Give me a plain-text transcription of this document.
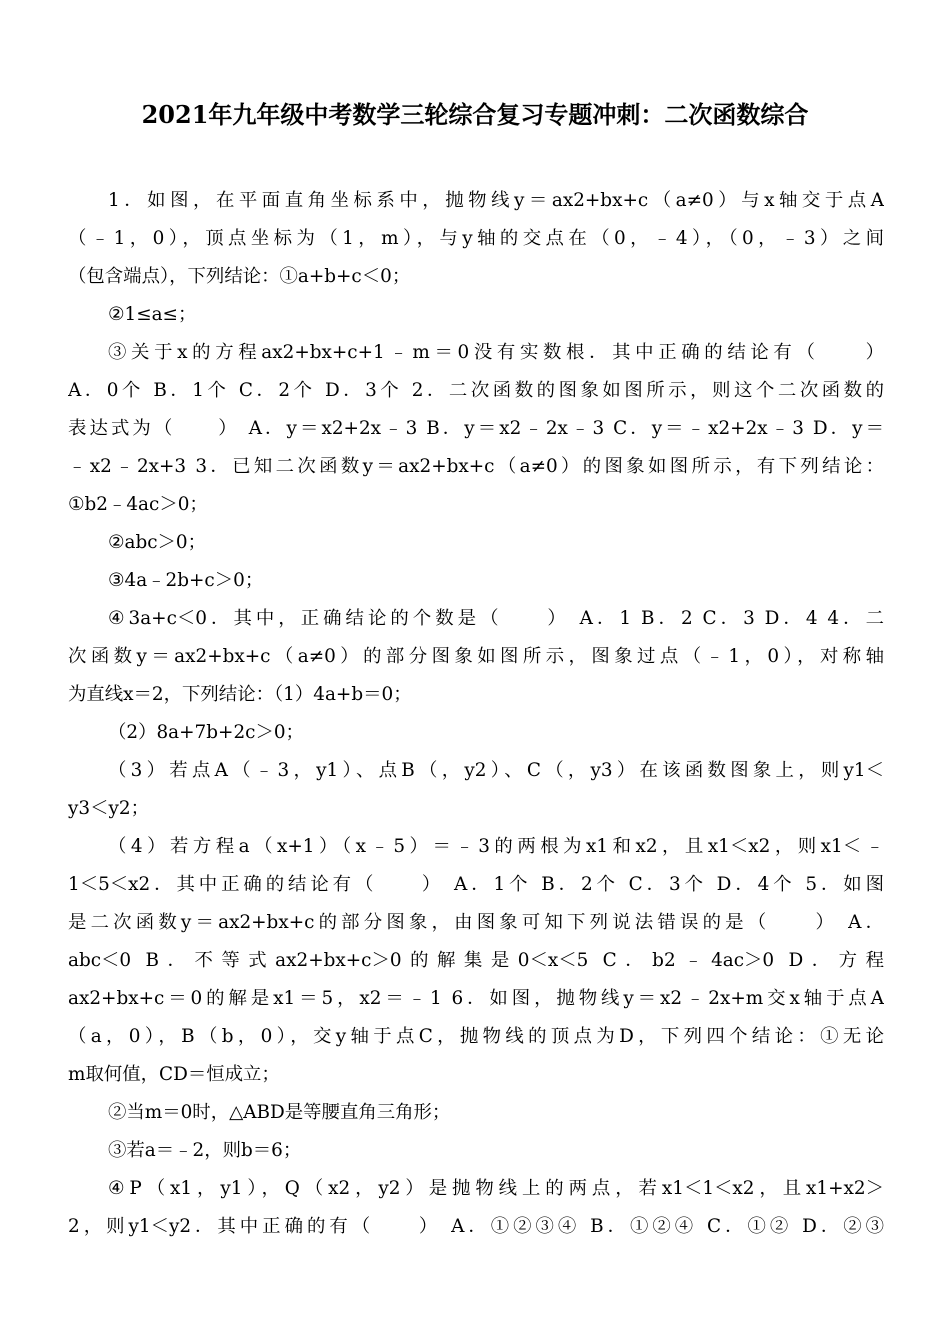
2021年九年级中考数学三轮综合复习专题冲刺：二次函数综合
1．如图，在平面直角坐标系中，抛物线y＝ax2+bx+c（a≠0）与x轴交于点A
（﹣1，0），顶点坐标为（1，m），与y轴的交点在（0，﹣4），（0，﹣3）之间
（包含端点），下列结论：①a+b+c＜0；
②1≤a≤；
③关于x的方程ax2+bx+c+1﹣m＝0没有实数根．其中正确的结论有（　　）
A．0个 B．1个 C．2个 D．3个 2．二次函数的图象如图所示，则这个二次函数的
表达式为（　　） A．y＝x2+2x﹣3 B．y＝x2﹣2x﹣3 C．y＝﹣x2+2x﹣3 D．y＝
﹣x2﹣2x+3 3．已知二次函数y＝ax2+bx+c（a≠0）的图象如图所示，有下列结论：
①b2﹣4ac＞0；
②abc＞0；
③4a﹣2b+c＞0；
④3a+c＜0．其中，正确结论的个数是（　　） A．1 B．2 C．3 D．4 4．二
次函数y＝ax2+bx+c（a≠0）的部分图象如图所示，图象过点（﹣1，0），对称轴
为直线x＝2，下列结论：（1）4a+b＝0；
（2）8a+7b+2c＞0；
（3）若点A（﹣3，y1）、点B（，y2）、C（，y3）在该函数图象上，则y1＜
y3＜y2；
（4）若方程a（x+1）（x﹣5）＝﹣3的两根为x1和x2，且x1＜x2，则x1＜﹣
1＜5＜x2．其中正确的结论有（　　） A．1个 B．2个 C．3个 D．4个 5．如图
是二次函数y＝ax2+bx+c的部分图象，由图象可知下列说法错误的是（　　） A．
abc＜0 B．不等式ax2+bx+c＞0的解集是0＜x＜5 C．b2﹣4ac＞0 D．方程
ax2+bx+c＝0的解是x1＝5，x2＝﹣1 6．如图，抛物线y＝x2﹣2x+m交x轴于点A
（a，0），B（b，0），交y轴于点C，抛物线的顶点为D，下列四个结论：①无论
m取何值，CD＝恒成立；
②当m＝0时，△ABD是等腰直角三角形；
③若a＝﹣2，则b＝6；
④P（x1，y1），Q（x2，y2）是抛物线上的两点，若x1＜1＜x2，且x1+x2＞
2，则y1＜y2．其中正确的有（　　） A．①②③④ B．①②④ C．①② D．②③
